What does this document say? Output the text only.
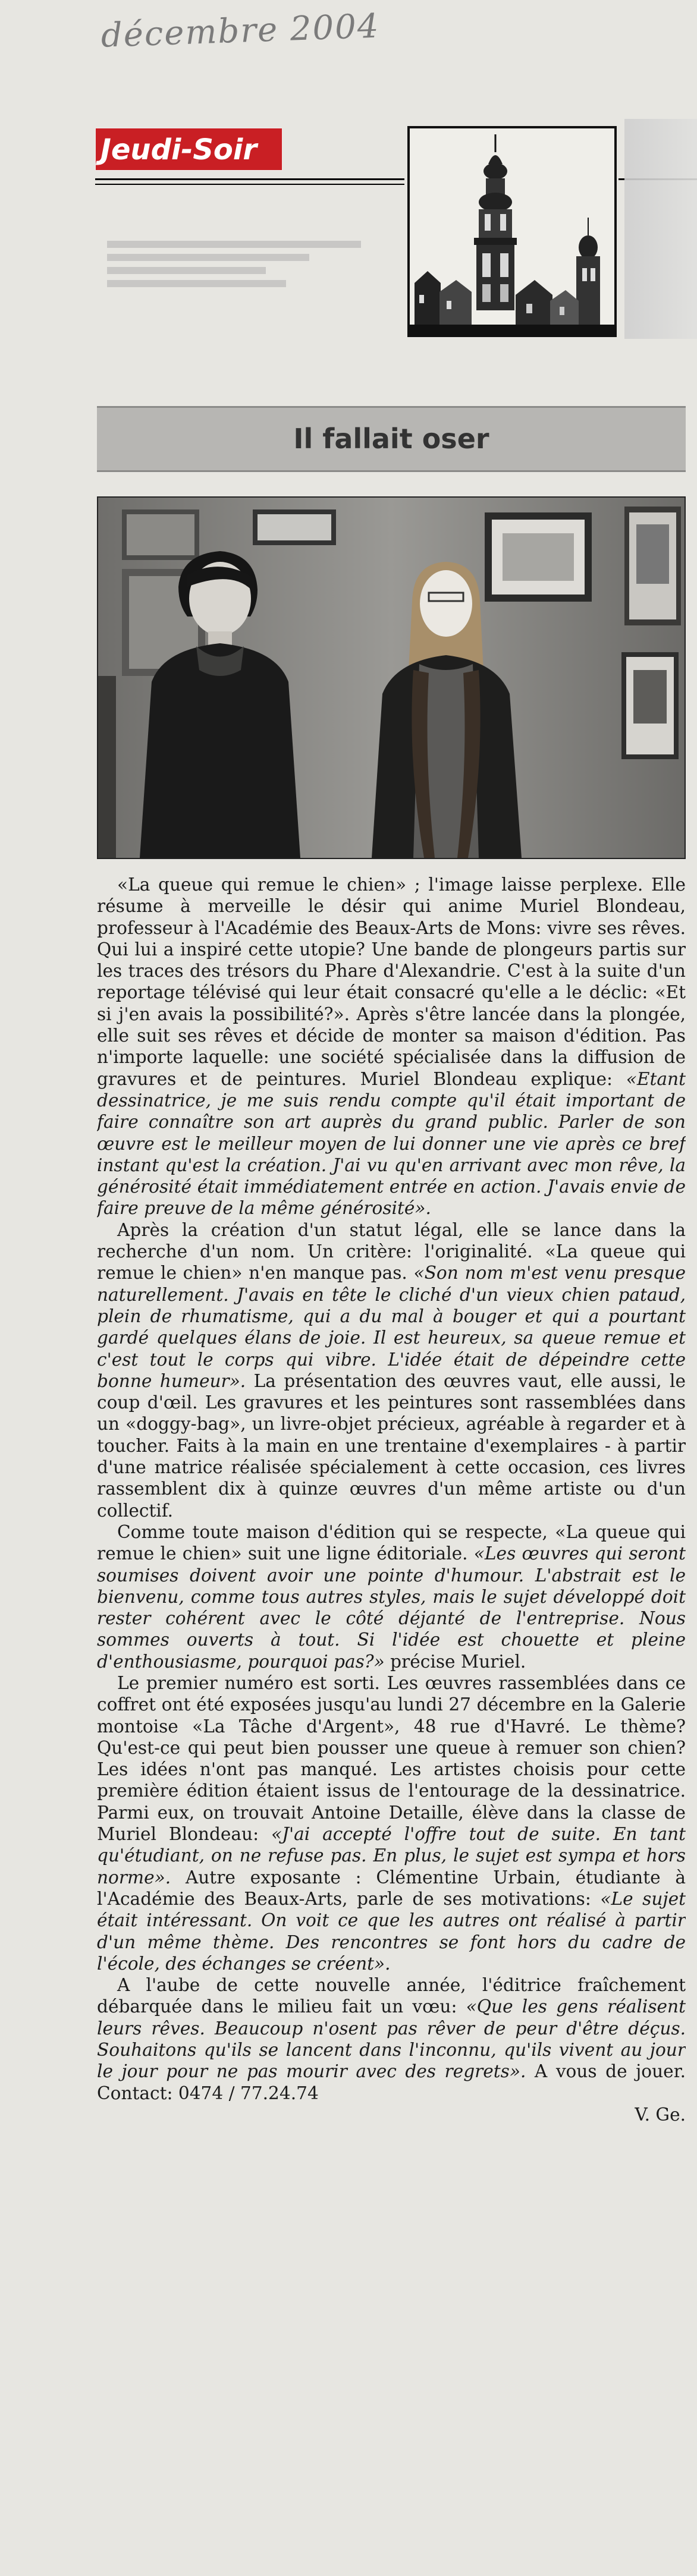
décembre 2004
Jeudi-Soir
Il fallait oser

«La queue qui remue le chien» ; l'image laisse perplexe. Elle résume à merveille le désir qui anime Muriel Blondeau, professeur à l'Académie des Beaux-Arts de Mons: vivre ses rêves. Qui lui a inspiré cette utopie? Une bande de plongeurs partis sur les traces des trésors du Phare d'Alexandrie. C'est à la suite d'un reportage télévisé qui leur était consacré qu'elle a le déclic: «Et si j'en avais la possibilité?». Après s'être lancée dans la plongée, elle suit ses rêves et décide de monter sa maison d'édition. Pas n'importe laquelle: une société spécialisée dans la diffusion de gravures et de peintures. Muriel Blondeau explique: «Etant dessinatrice, je me suis rendu compte qu'il était important de faire connaître son art auprès du grand public. Parler de son œuvre est le meilleur moyen de lui donner une vie après ce bref instant qu'est la création. J'ai vu qu'en arrivant avec mon rêve, la générosité était immédiatement entrée en action. J'avais envie de faire preuve de la même générosité».

Après la création d'un statut légal, elle se lance dans la recherche d'un nom. Un critère: l'originalité. «La queue qui remue le chien» n'en manque pas. «Son nom m'est venu presque naturellement. J'avais en tête le cliché d'un vieux chien pataud, plein de rhumatisme, qui a du mal à bouger et qui a pourtant gardé quelques élans de joie. Il est heureux, sa queue remue et c'est tout le corps qui vibre. L'idée était de dépeindre cette bonne humeur». La présentation des œuvres vaut, elle aussi, le coup d'œil. Les gravures et les peintures sont rassemblées dans un «doggy-bag», un livre-objet précieux, agréable à regarder et à toucher. Faits à la main en une trentaine d'exemplaires - à partir d'une matrice réalisée spécialement à cette occasion, ces livres rassemblent dix à quinze œuvres d'un même artiste ou d'un collectif.

Comme toute maison d'édition qui se respecte, «La queue qui remue le chien» suit une ligne éditoriale. «Les œuvres qui seront soumises doivent avoir une pointe d'humour. L'abstrait est le bienvenu, comme tous autres styles, mais le sujet développé doit rester cohérent avec le côté déjanté de l'entreprise. Nous sommes ouverts à tout. Si l'idée est chouette et pleine d'enthousiasme, pourquoi pas?» précise Muriel.

Le premier numéro est sorti. Les œuvres rassemblées dans ce coffret ont été exposées jusqu'au lundi 27 décembre en la Galerie montoise «La Tâche d'Argent», 48 rue d'Havré. Le thème? Qu'est-ce qui peut bien pousser une queue à remuer son chien? Les idées n'ont pas manqué. Les artistes choisis pour cette première édition étaient issus de l'entourage de la dessinatrice. Parmi eux, on trouvait Antoine Detaille, élève dans la classe de Muriel Blondeau: «J'ai accepté l'offre tout de suite. En tant qu'étudiant, on ne refuse pas. En plus, le sujet est sympa et hors norme». Autre exposante : Clémentine Urbain, étudiante à l'Académie des Beaux-Arts, parle de ses motivations: «Le sujet était intéressant. On voit ce que les autres ont réalisé à partir d'un même thème. Des rencontres se font hors du cadre de l'école, des échanges se créent».

A l'aube de cette nouvelle année, l'éditrice fraîchement débarquée dans le milieu fait un vœu: «Que les gens réalisent leurs rêves. Beaucoup n'osent pas rêver de peur d'être déçus. Souhaitons qu'ils se lancent dans l'inconnu, qu'ils vivent au jour le jour pour ne pas mourir avec des regrets». A vous de jouer. Contact: 0474 / 77.24.74

V. Ge.
